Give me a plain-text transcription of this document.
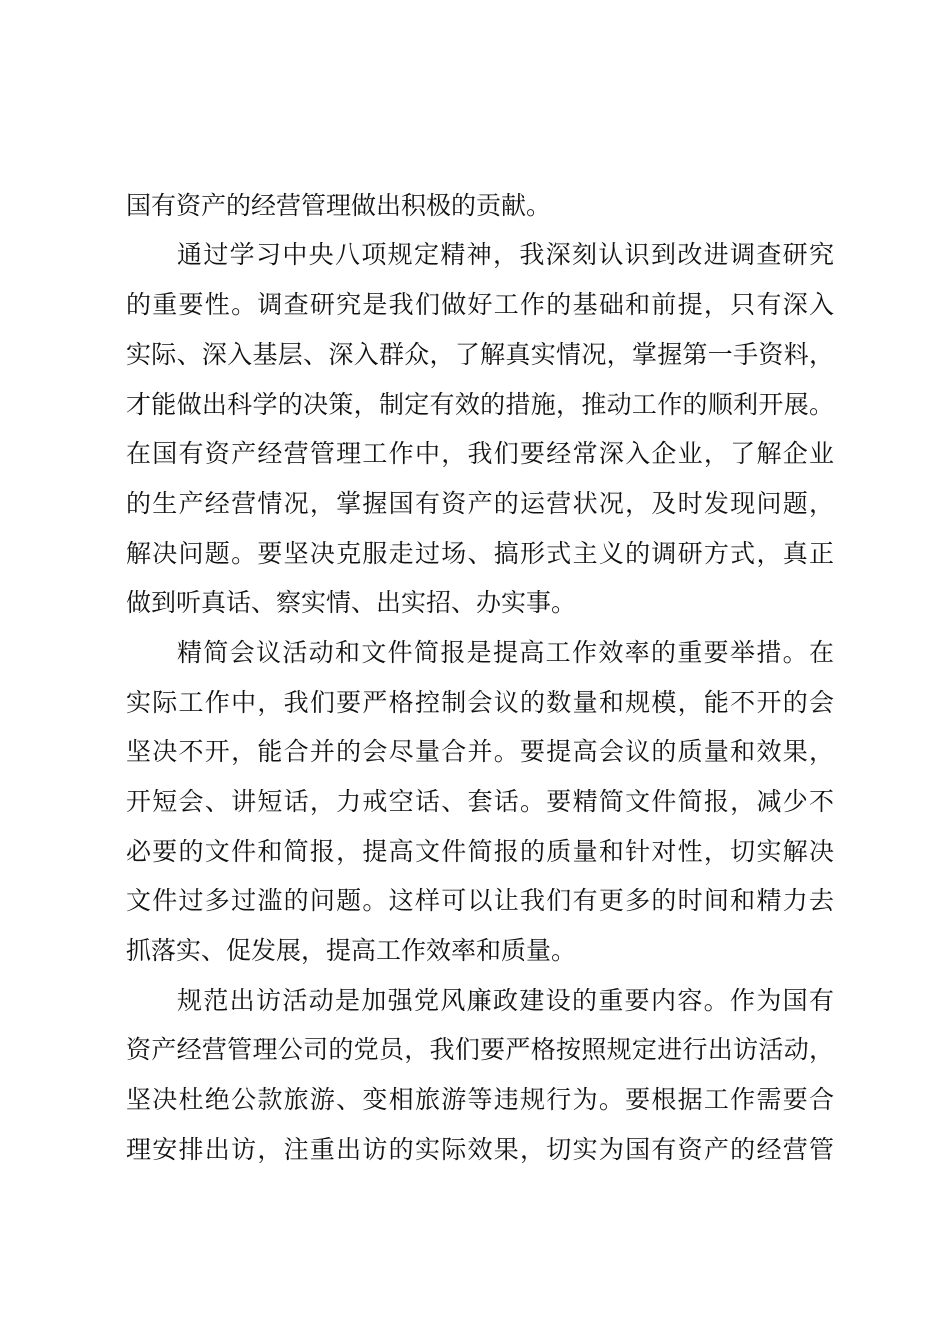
国有资产的经营管理做出积极的贡献。
通过学习中央八项规定精神，我深刻认识到改进调查研究
的重要性。调查研究是我们做好工作的基础和前提，只有深入
实际、深入基层、深入群众，了解真实情况，掌握第一手资料，
才能做出科学的决策，制定有效的措施，推动工作的顺利开展。
在国有资产经营管理工作中，我们要经常深入企业，了解企业
的生产经营情况，掌握国有资产的运营状况，及时发现问题，
解决问题。要坚决克服走过场、搞形式主义的调研方式，真正
做到听真话、察实情、出实招、办实事。
精简会议活动和文件简报是提高工作效率的重要举措。在
实际工作中，我们要严格控制会议的数量和规模，能不开的会
坚决不开，能合并的会尽量合并。要提高会议的质量和效果，
开短会、讲短话，力戒空话、套话。要精简文件简报，减少不
必要的文件和简报，提高文件简报的质量和针对性，切实解决
文件过多过滥的问题。这样可以让我们有更多的时间和精力去
抓落实、促发展，提高工作效率和质量。
规范出访活动是加强党风廉政建设的重要内容。作为国有
资产经营管理公司的党员，我们要严格按照规定进行出访活动，
坚决杜绝公款旅游、变相旅游等违规行为。要根据工作需要合
理安排出访，注重出访的实际效果，切实为国有资产的经营管
